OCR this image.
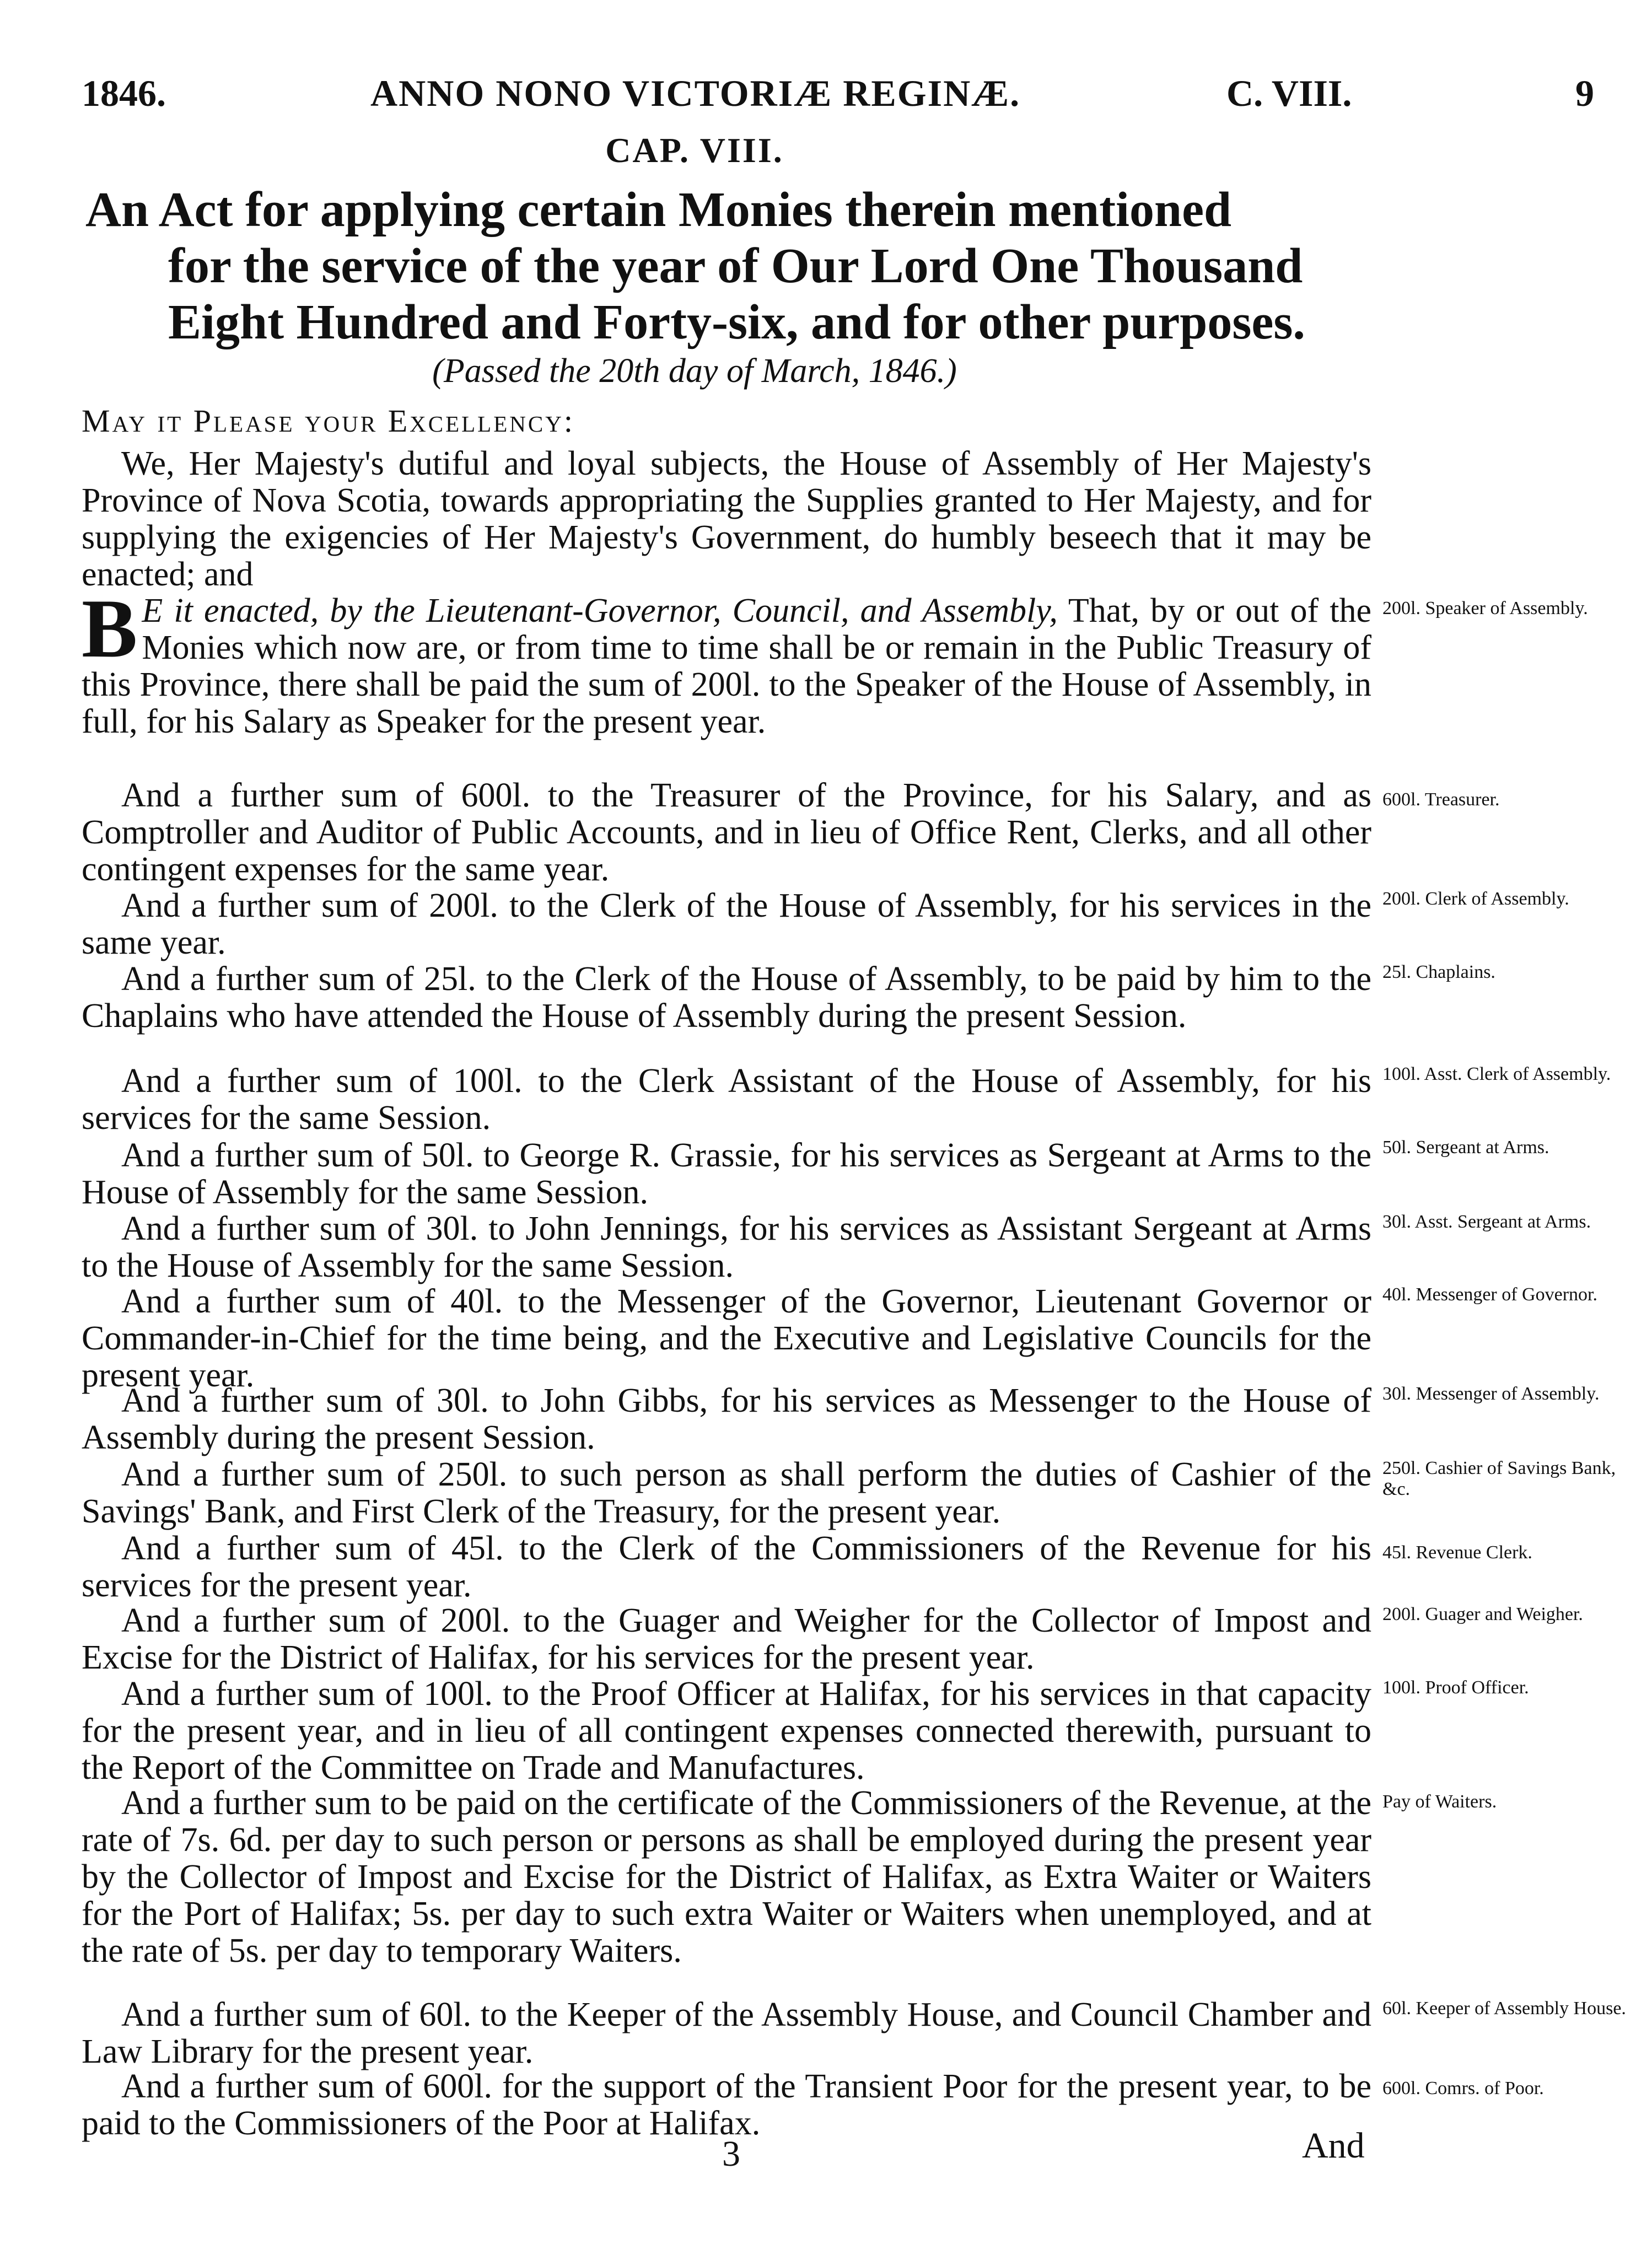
1846.	ANNO NONO VICTORIÆ REGINÆ.	C. VIII.	9
CAP. VIII.
An Act for applying certain Monies therein mentioned
for the service of the year of Our Lord One Thousand
Eight Hundred and Forty-six, and for other purposes.
(Passed the 20th day of March, 1846.)
May it Please your Excellency:
We, Her Majesty's dutiful and loyal subjects, the House of Assembly of Her Majesty's Province of Nova Scotia, towards appropriating the Supplies granted to Her Majesty, and for supplying the exigencies of Her Majesty's Government, do humbly beseech that it may be enacted; and
B E it enacted, by the Lieutenant-Governor, Council, and Assembly, That, by or out of the Monies which now are, or from time to time shall be or remain in the Public Treasury of this Province, there shall be paid the sum of 200l. to the Speaker of the House of Assembly, in full, for his Salary as Speaker for the present year.
And a further sum of 600l. to the Treasurer of the Province, for his Salary, and as Comptroller and Auditor of Public Accounts, and in lieu of Office Rent, Clerks, and all other contingent expenses for the same year.
And a further sum of 200l. to the Clerk of the House of Assembly, for his services in the same year.
And a further sum of 25l. to the Clerk of the House of Assembly, to be paid by him to the Chaplains who have attended the House of Assembly during the present Session.
And a further sum of 100l. to the Clerk Assistant of the House of Assembly, for his services for the same Session.
And a further sum of 50l. to George R. Grassie, for his services as Sergeant at Arms to the House of Assembly for the same Session.
And a further sum of 30l. to John Jennings, for his services as Assistant Sergeant at Arms to the House of Assembly for the same Session.
And a further sum of 40l. to the Messenger of the Governor, Lieutenant Governor or Commander-in-Chief for the time being, and the Executive and Legislative Councils for the present year.
And a further sum of 30l. to John Gibbs, for his services as Messenger to the House of Assembly during the present Session.
And a further sum of 250l. to such person as shall perform the duties of Cashier of the Savings' Bank, and First Clerk of the Treasury, for the present year.
And a further sum of 45l. to the Clerk of the Commissioners of the Revenue for his services for the present year.
And a further sum of 200l. to the Guager and Weigher for the Collector of Impost and Excise for the District of Halifax, for his services for the present year.
And a further sum of 100l. to the Proof Officer at Halifax, for his services in that capacity for the present year, and in lieu of all contingent expenses connected therewith, pursuant to the Report of the Committee on Trade and Manufactures.
And a further sum to be paid on the certificate of the Commissioners of the Revenue, at the rate of 7s. 6d. per day to such person or persons as shall be employed during the present year by the Collector of Impost and Excise for the District of Halifax, as Extra Waiter or Waiters for the Port of Halifax; 5s. per day to such extra Waiter or Waiters when unemployed, and at the rate of 5s. per day to temporary Waiters.
And a further sum of 60l. to the Keeper of the Assembly House, and Council Chamber and Law Library for the present year.
And a further sum of 600l. for the support of the Transient Poor for the present year, to be paid to the Commissioners of the Poor at Halifax.
200l. Speaker of Assembly.
600l. Treasurer.
200l. Clerk of Assembly.
25l. Chaplains.
100l. Asst. Clerk of Assembly.
50l. Sergeant at Arms.
30l. Asst. Sergeant at Arms.
40l. Messenger of Governor.
30l. Messenger of Assembly.
250l. Cashier of Savings Bank, &c.
45l. Revenue Clerk.
200l. Guager and Weigher.
100l. Proof Officer.
Pay of Waiters.
60l. Keeper of Assembly House.
600l. Comrs. of Poor.
3	And
